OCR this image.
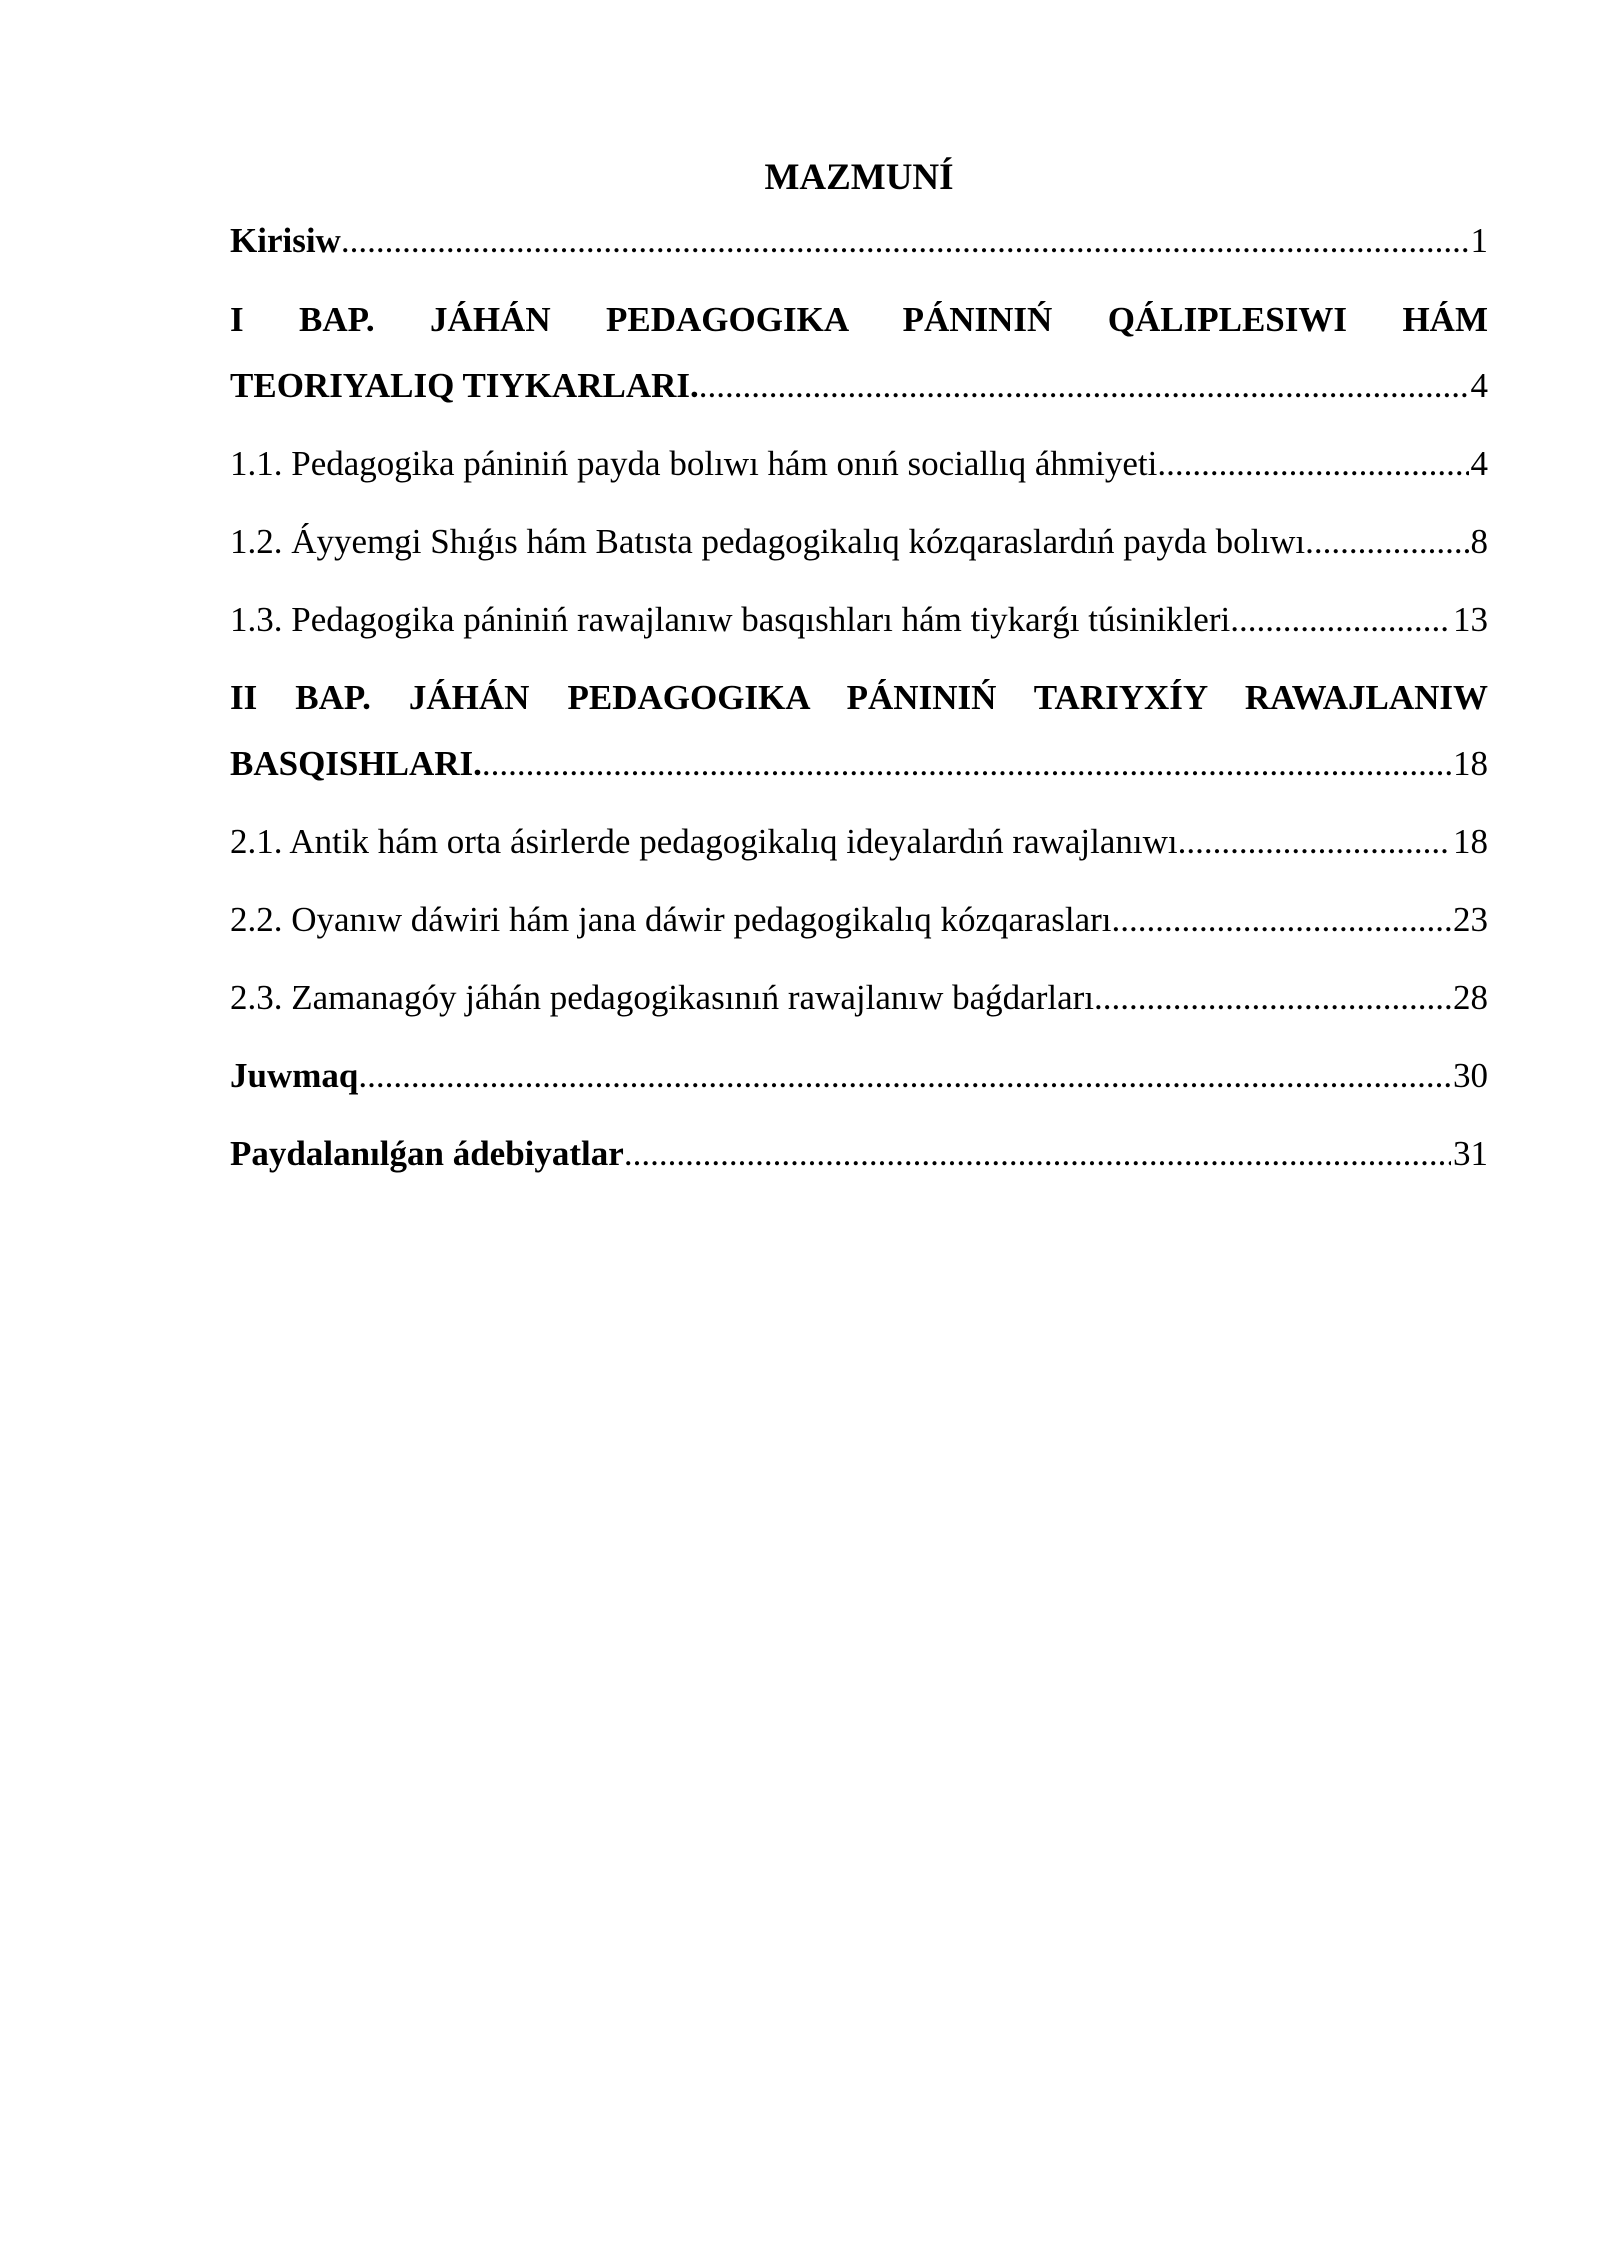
MAZMUNÍ
Kirisiw .....	1
I BAP. JÁHÁN PEDAGOGIKA PÁNINIŃ QÁLIPLESIWI HÁM
TEORIYALIQ TIYKARLARI. .....	4
1.1. Pedagogika pániniń payda bolıwı hám onıń sociallıq áhmiyeti .....	4
1.2. Áyyemgi Shıǵıs hám Batısta pedagogikalıq kózqaraslardıń payda bolıwı .....	8
1.3. Pedagogika pániniń rawajlanıw basqıshları hám tiykarǵı túsinikleri .....	13
II BAP. JÁHÁN PEDAGOGIKA PÁNINIŃ TARIYXÍY RAWAJLANIW
BASQISHLARI. .....	18
2.1. Antik hám orta ásirlerde pedagogikalıq ideyalardıń rawajlanıwı .....	18
2.2. Oyanıw dáwiri hám jana dáwir pedagogikalıq kózqarasları .....	23
2.3. Zamanagóy jáhán pedagogikasınıń rawajlanıw baǵdarları .....	28
Juwmaq .....	30
Paydalanılǵan ádebiyatlar .....	31
